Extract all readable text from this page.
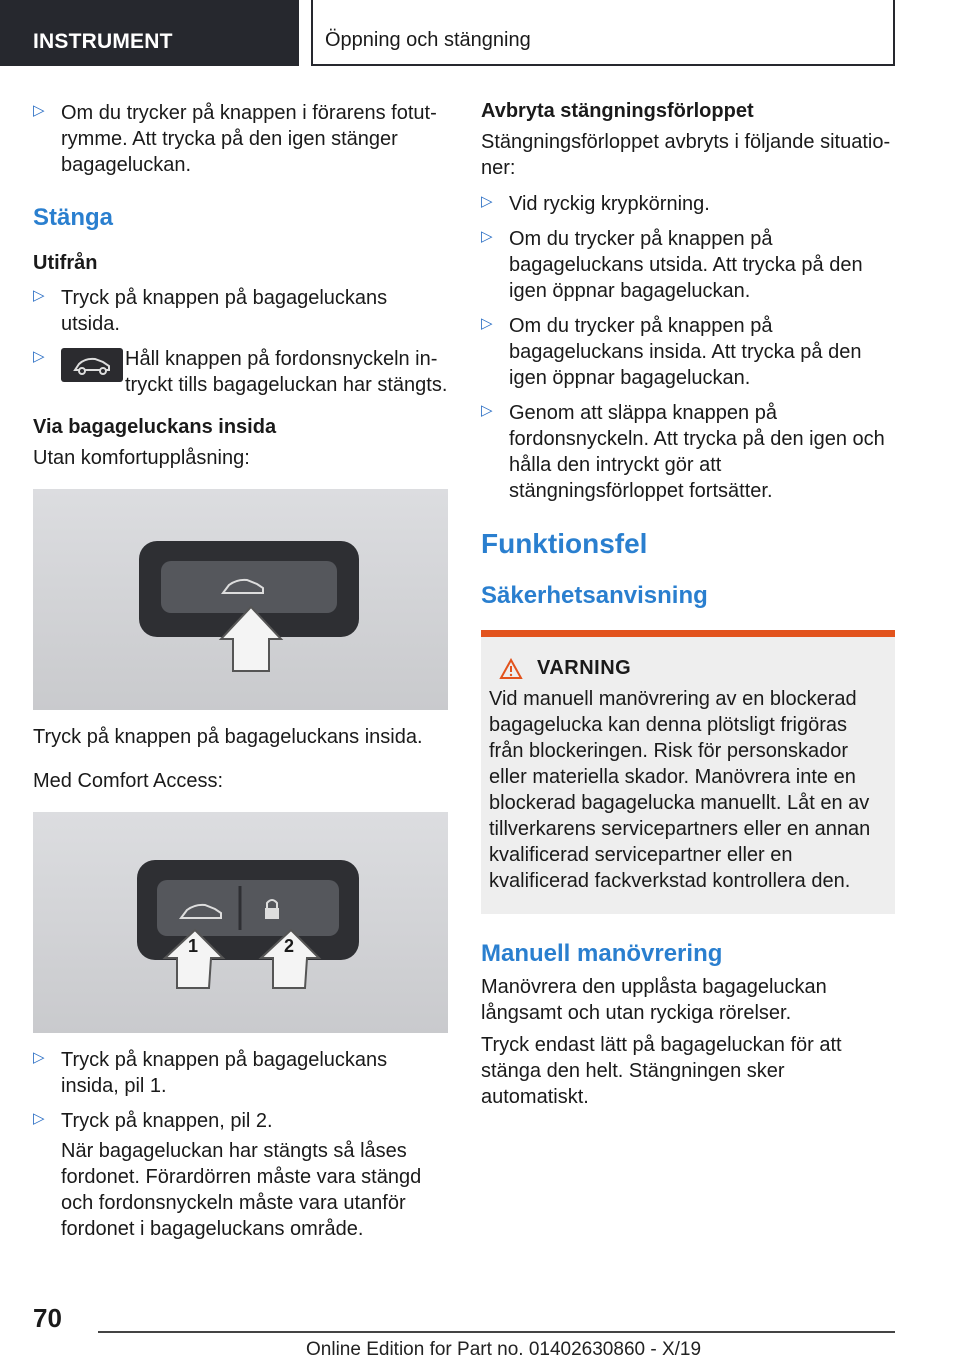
INSTRUMENT	Öppning och stängning
▷ Om du trycker på knappen i förarens fotutrymme. Att trycka på den igen stänger bagageluckan.

Stänga
Utifrån
▷ Tryck på knappen på bagageluckans utsida.

▷	Håll knappen på fordonsnyckeln intryckt tills bagageluckan har stängts.

Via bagageluckans insida

Utan komfortupplåsning:

Tryck på knappen på bagageluckans insida.

Med Comfort Access:

1	2
▷ Tryck på knappen på bagageluckans insida, pil 1.

▷ Tryck på knappen, pil 2.

När bagageluckan har stängts så låses fordonet. Förardörren måste vara stängd och fordonsnyckeln måste vara utanför fordonet i bagageluckans område.

Avbryta stängningsförloppet

Stängningsförloppet avbryts i följande situationer:

▷ Vid ryckig krypkörning.

▷ Om du trycker på knappen på bagageluckans utsida. Att trycka på den igen öppnar bagageluckan.

▷ Om du trycker på knappen på bagageluckans insida. Att trycka på den igen öppnar bagageluckan.

▷ Genom att släppa knappen på fordonsnyckeln. Att trycka på den igen och hålla den intryckt gör att stängningsförloppet fortsätter.

Funktionsfel
Säkerhetsanvisning
VARNING

Vid manuell manövrering av en blockerad bagagelucka kan denna plötsligt frigöras från blockeringen. Risk för personskador eller materiella skador. Manövrera inte en blockerad bagagelucka manuellt. Låt en av tillverkarens servicepartners eller en annan kvalificerad servicepartner eller en kvalificerad fackverkstad kontrollera den.

Manuell manövrering

Manövrera den upplåsta bagageluckan långsamt och utan ryckiga rörelser.

Tryck endast lätt på bagageluckan för att stänga den helt. Stängningen sker automatiskt.

70
Online Edition for Part no. 01402630860 - X/19
